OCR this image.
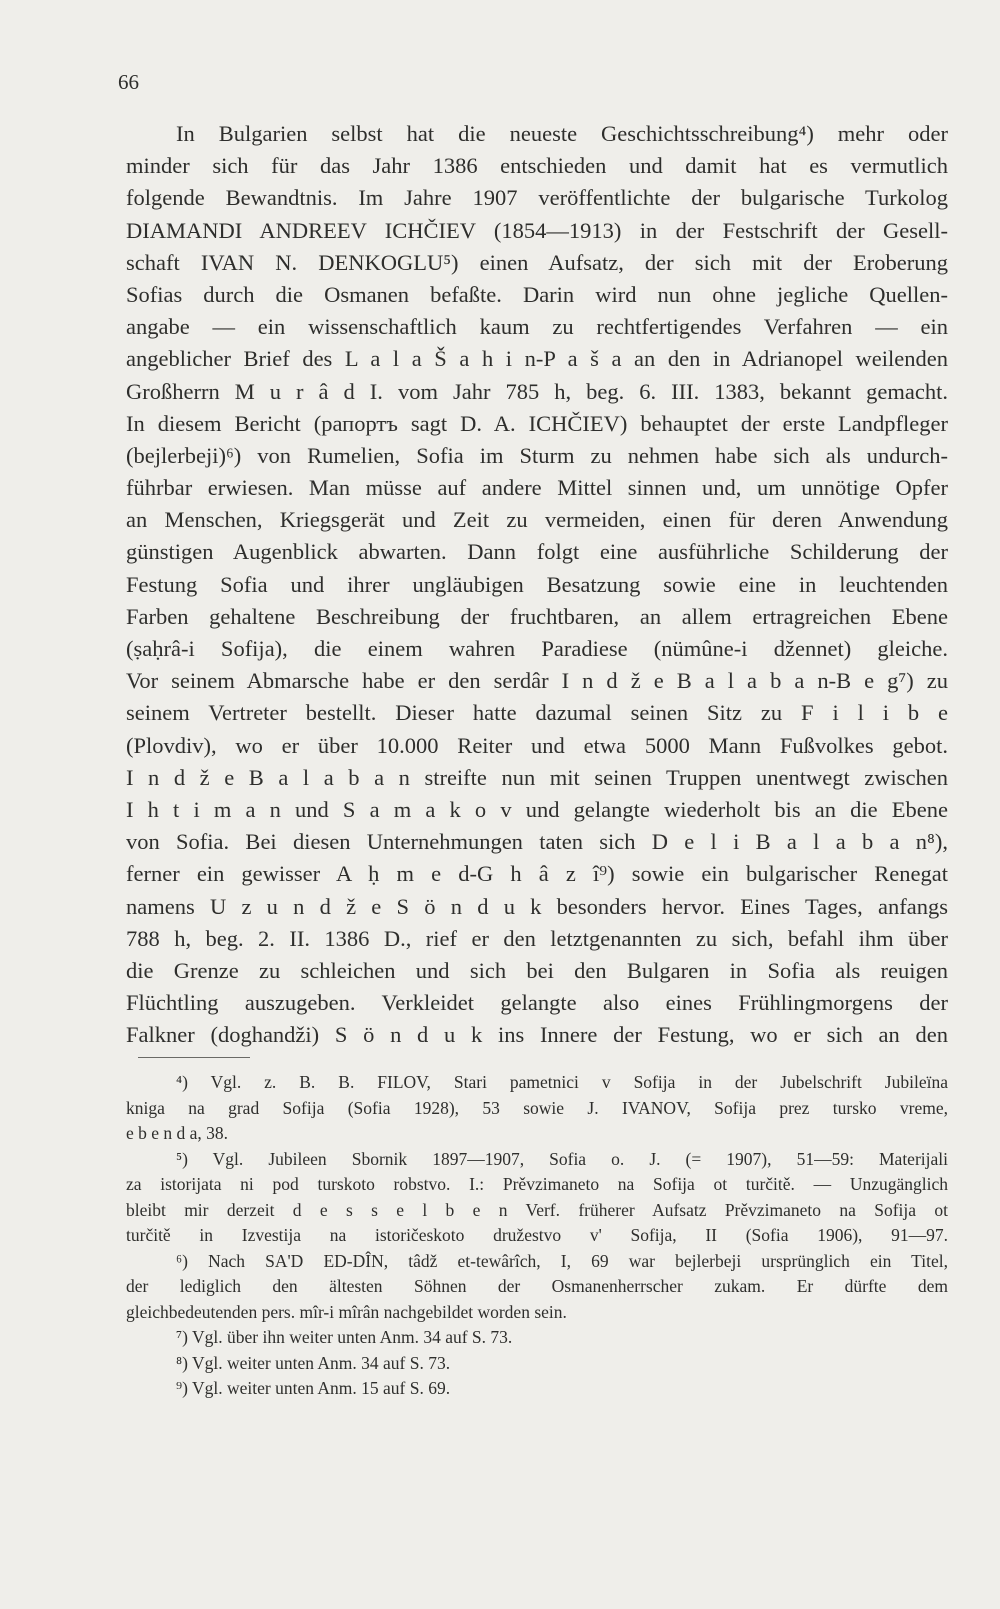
66
In Bulgarien selbst hat die neueste Geschichtsschreibung⁴) mehr oder
minder sich für das Jahr 1386 entschieden und damit hat es vermutlich
folgende Bewandtnis. Im Jahre 1907 veröffentlichte der bulgarische Turkolog
DIAMANDI ANDREEV ICHČIEV (1854—1913) in der Festschrift der Gesell-
schaft IVAN N. DENKOGLU⁵) einen Aufsatz, der sich mit der Eroberung
Sofias durch die Osmanen befaßte. Darin wird nun ohne jegliche Quellen-
angabe — ein wissenschaftlich kaum zu rechtfertigendes Verfahren — ein
angeblicher Brief des L a l a Š a h i n-P a š a an den in Adrianopel weilenden
Großherrn M u r â d I. vom Jahr 785 h, beg. 6. III. 1383, bekannt gemacht.
In diesem Bericht (рапортъ sagt D. A. ICHČIEV) behauptet der erste Landpfleger
(bejlerbeji)⁶) von Rumelien, Sofia im Sturm zu nehmen habe sich als undurch-
führbar erwiesen. Man müsse auf andere Mittel sinnen und, um unnötige Opfer
an Menschen, Kriegsgerät und Zeit zu vermeiden, einen für deren Anwendung
günstigen Augenblick abwarten. Dann folgt eine ausführliche Schilderung der
Festung Sofia und ihrer ungläubigen Besatzung sowie eine in leuchtenden
Farben gehaltene Beschreibung der fruchtbaren, an allem ertragreichen Ebene
(ṣaḥrâ-i Sofija), die einem wahren Paradiese (nümûne-i džennet) gleiche.
Vor seinem Abmarsche habe er den serdâr I n d ž e B a l a b a n-B e g⁷) zu
seinem Vertreter bestellt. Dieser hatte dazumal seinen Sitz zu F i l i b e
(Plovdiv), wo er über 10.000 Reiter und etwa 5000 Mann Fußvolkes gebot.
I n d ž e B a l a b a n streifte nun mit seinen Truppen unentwegt zwischen
I h t i m a n und S a m a k o v und gelangte wiederholt bis an die Ebene
von Sofia. Bei diesen Unternehmungen taten sich D e l i B a l a b a n⁸),
ferner ein gewisser A ḥ m e d-G h â z î⁹) sowie ein bulgarischer Renegat
namens U z u n d ž e S ö n d u k besonders hervor. Eines Tages, anfangs
788 h, beg. 2. II. 1386 D., rief er den letztgenannten zu sich, befahl ihm über
die Grenze zu schleichen und sich bei den Bulgaren in Sofia als reuigen
Flüchtling auszugeben. Verkleidet gelangte also eines Frühlingmorgens der
Falkner (doghandži) S ö n d u k ins Innere der Festung, wo er sich an den
⁴) Vgl. z. B. B. FILOV, Stari pametnici v Sofija in der Jubelschrift Jubileïna
kniga na grad Sofija (Sofia 1928), 53 sowie J. IVANOV, Sofija prez tursko vreme,
e b e n d a, 38.
⁵) Vgl. Jubileen Sbornik 1897—1907, Sofia o. J. (= 1907), 51—59: Materijali
za istorijata ni pod turskoto robstvo. I.: Prěvzimaneto na Sofija ot turčitě. — Unzugänglich
bleibt mir derzeit d e s s e l b e n Verf. früherer Aufsatz Prěvzimaneto na Sofija ot
turčitě in Izvestija na istoričeskoto družestvo v' Sofija, II (Sofia 1906), 91—97.
⁶) Nach SA'D ED-DÎN, tâdž et-tewârîch, I, 69 war bejlerbeji ursprünglich ein Titel,
der lediglich den ältesten Söhnen der Osmanenherrscher zukam. Er dürfte dem
gleichbedeutenden pers. mîr-i mîrân nachgebildet worden sein.
⁷) Vgl. über ihn weiter unten Anm. 34 auf S. 73.
⁸) Vgl. weiter unten Anm. 34 auf S. 73.
⁹) Vgl. weiter unten Anm. 15 auf S. 69.
